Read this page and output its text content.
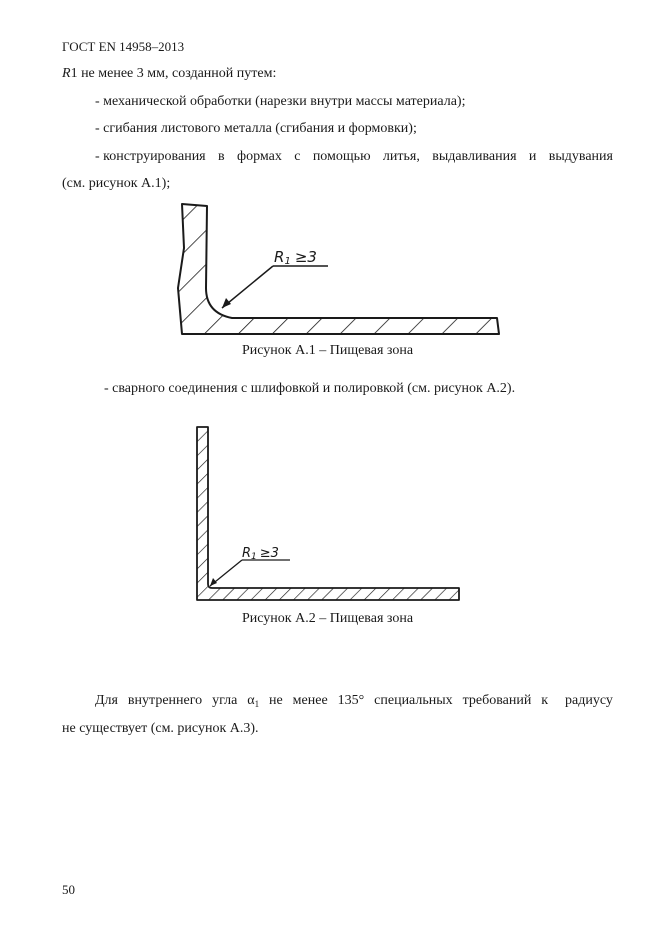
ГОСТ EN 14958–2013
R1 не менее 3 мм, созданной путем:
- механической обработки (нарезки внутри массы материала);
- сгибания листового металла (сгибания и формовки);
- конструирования в формах с помощью литья, выдавливания и выдувания
(см. рисунок А.1);
R1 ≥3
Рисунок А.1 – Пищевая зона
- сварного соединения с шлифовкой и полировкой (см. рисунок А.2).
R1 ≥3
Рисунок А.2 – Пищевая зона
Для внутреннего угла $\alpha_1$ не менее 135° специальных требований к радиусу
не существует (см. рисунок А.3).
50
